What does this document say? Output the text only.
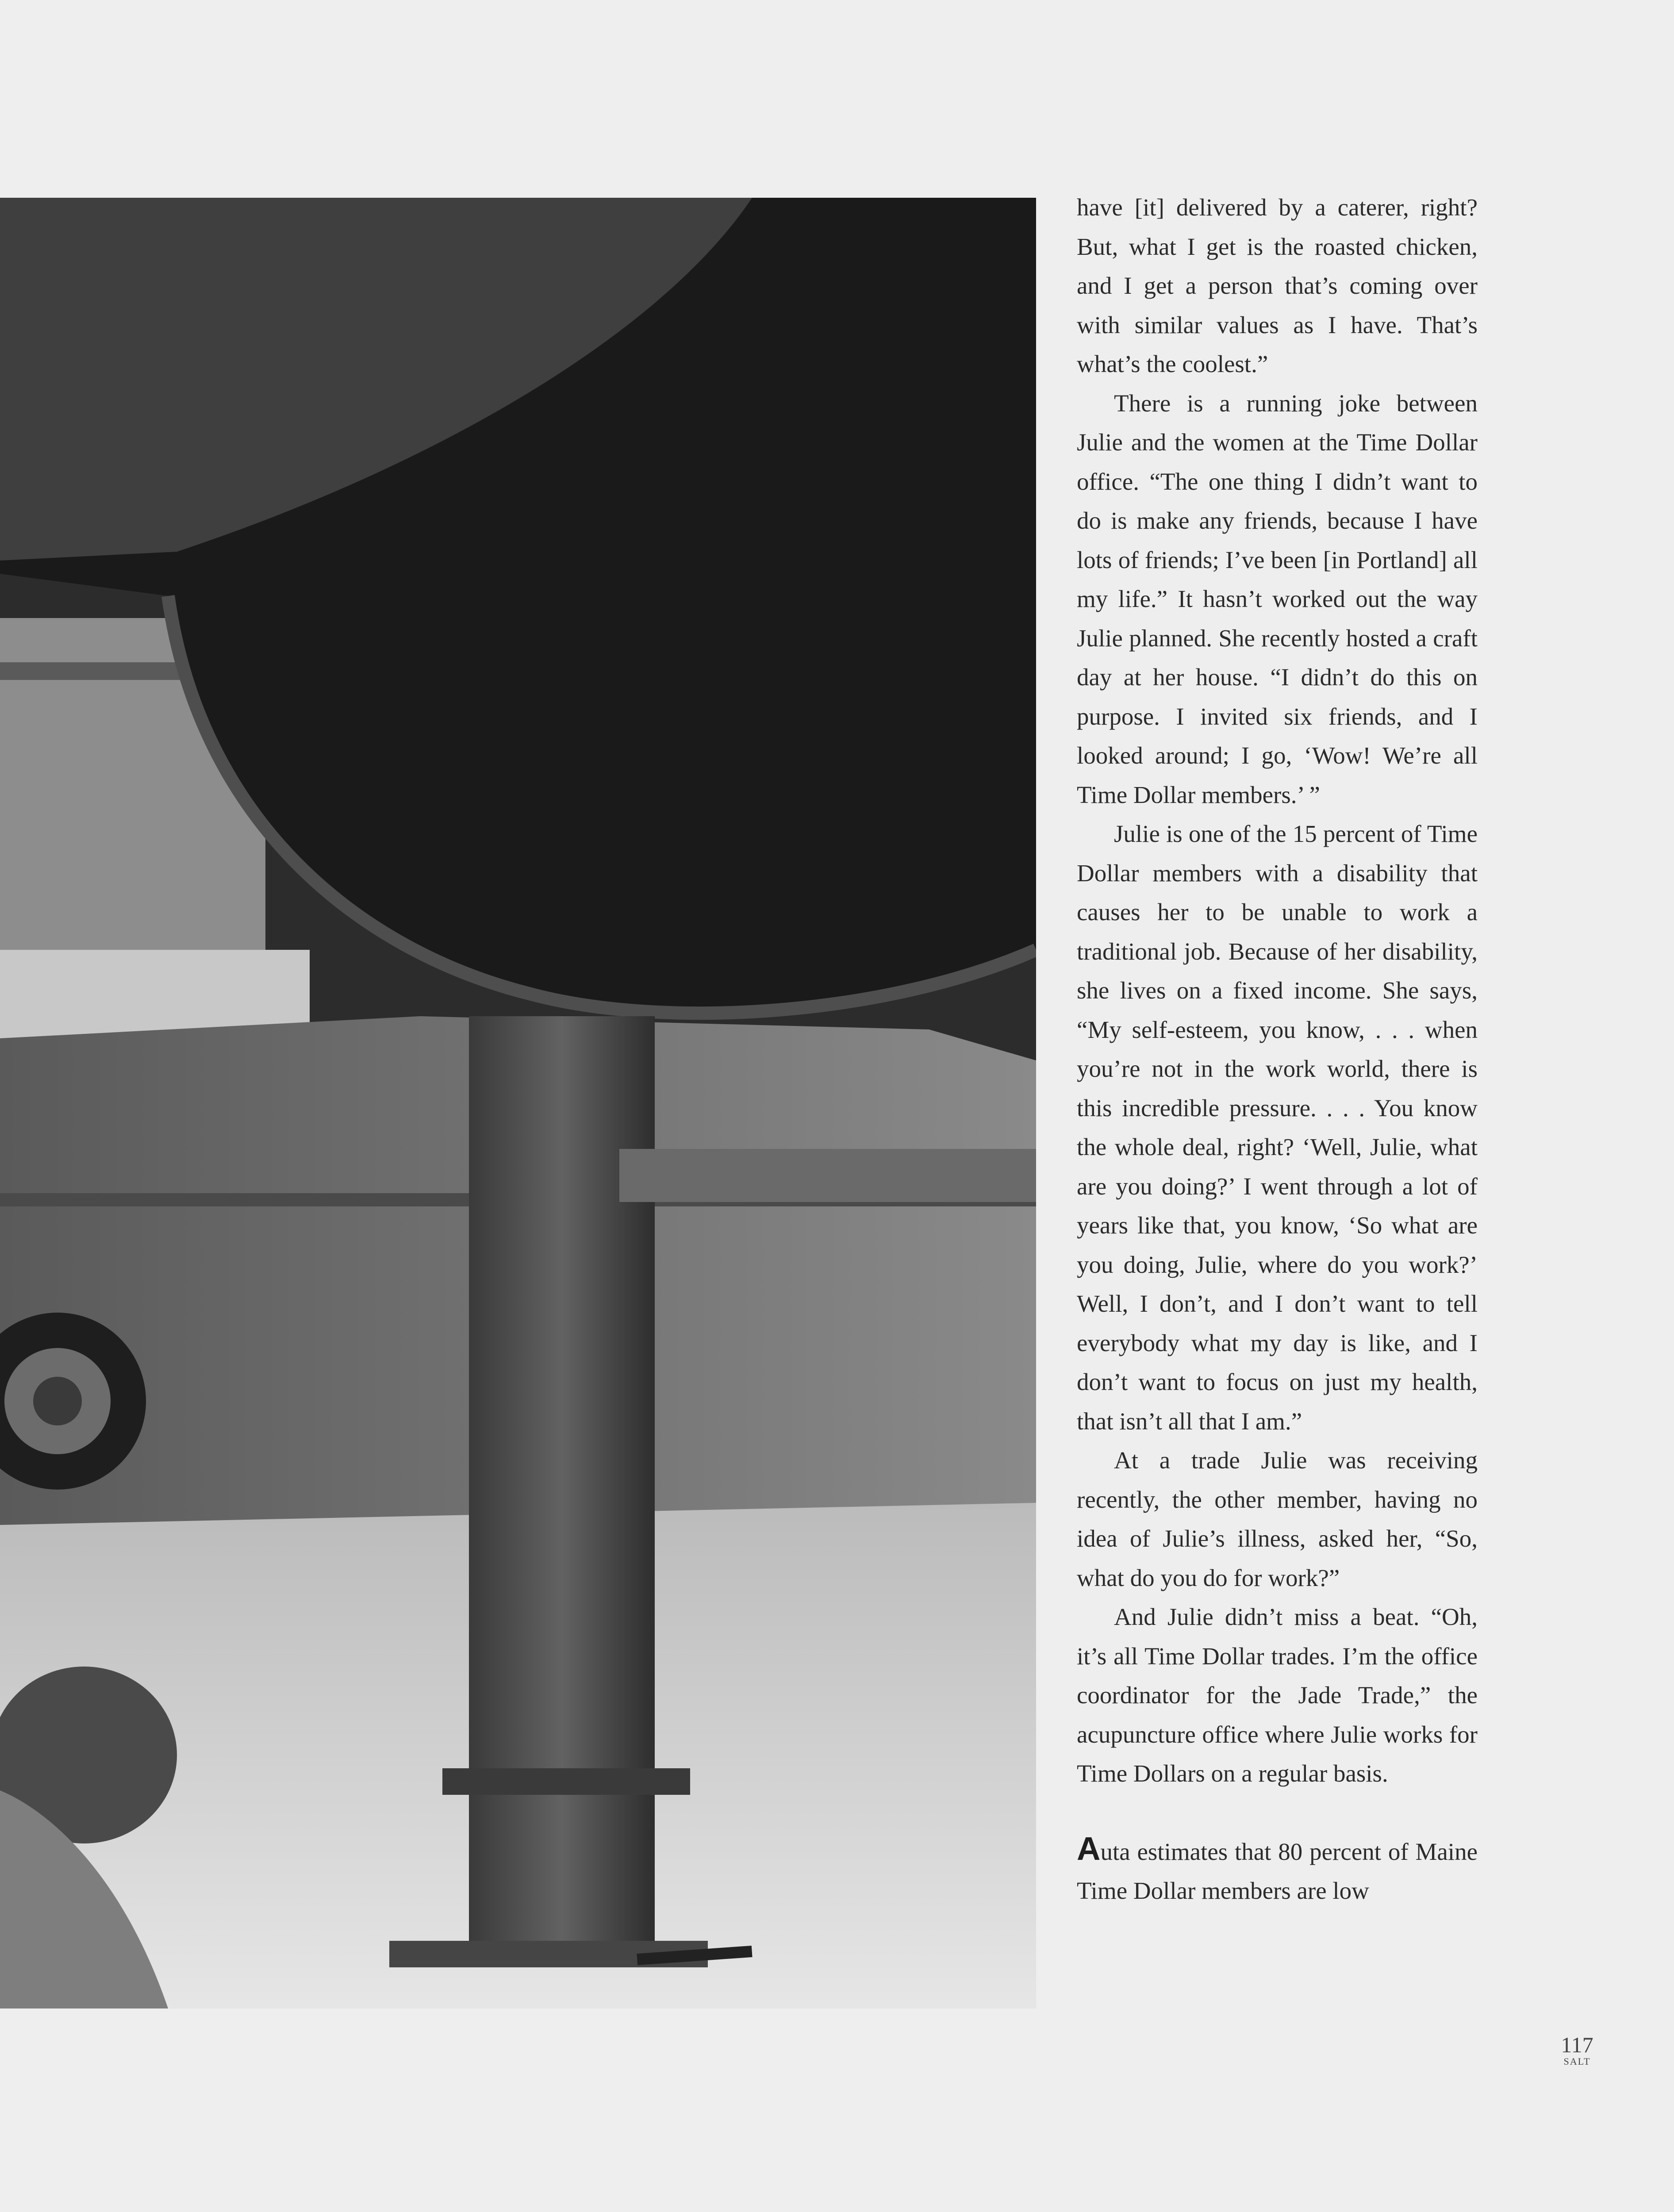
have [it] delivered by a caterer, right? But, what I get is the roasted chicken, and I get a person that’s coming over with similar values as I have. That’s what’s the coolest.”

There is a running joke between Julie and the women at the Time Dollar office. “The one thing I didn’t want to do is make any friends, because I have lots of friends; I’ve been [in Portland] all my life.” It hasn’t worked out the way Julie planned. She recently hosted a craft day at her house. “I didn’t do this on purpose. I invited six friends, and I looked around; I go, ‘Wow! We’re all Time Dollar members.’ ”

Julie is one of the 15 percent of Time Dollar members with a disability that causes her to be unable to work a traditional job. Because of her disability, she lives on a fixed income. She says, “My self-esteem, you know, . . . when you’re not in the work world, there is this incredible pressure. . . . You know the whole deal, right? ‘Well, Julie, what are you doing?’ I went through a lot of years like that, you know, ‘So what are you doing, Julie, where do you work?’ Well, I don’t, and I don’t want to tell everybody what my day is like, and I don’t want to focus on just my health, that isn’t all that I am.”

At a trade Julie was receiving recently, the other member, having no idea of Julie’s illness, asked her, “So, what do you do for work?”

And Julie didn’t miss a beat. “Oh, it’s all Time Dollar trades. I’m the office coordinator for the Jade Trade,” the acupuncture office where Julie works for Time Dollars on a regular basis.

Auta estimates that 80 percent of Maine Time Dollar members are low

117
SALT
